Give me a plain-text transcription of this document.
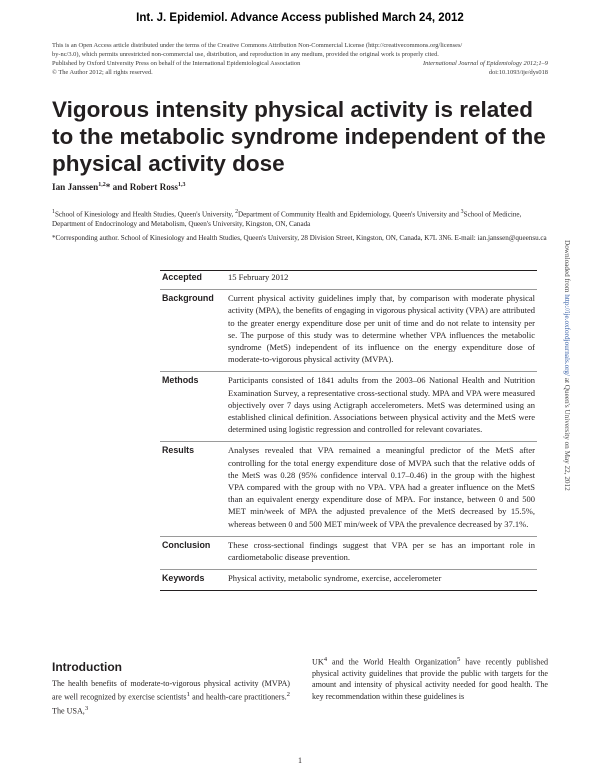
Int. J. Epidemiol. Advance Access published March 24, 2012
This is an Open Access article distributed under the terms of the Creative Commons Attribution Non-Commercial License (http://creativecommons.org/licenses/
by-nc/3.0), which permits unrestricted non-commercial use, distribution, and reproduction in any medium, provided the original work is properly cited.
Published by Oxford University Press on behalf of the International Epidemiological Association	International Journal of Epidemiology 2012;1–9
© The Author 2012; all rights reserved.	doi:10.1093/ije/dys018
Vigorous intensity physical activity is related to the metabolic syndrome independent of the physical activity dose
Ian Janssen$^{1,2}$* and Robert Ross$^{1,3}$
$^1$School of Kinesiology and Health Studies, Queen's University, $^2$Department of Community Health and Epidemiology, Queen's University and $^3$School of Medicine, Department of Endocrinology and Metabolism, Queen's University, Kingston, ON, Canada
*Corresponding author. School of Kinesiology and Health Studies, Queen's University, 28 Division Street, Kingston, ON, Canada, K7L 3N6. E-mail: ian.janssen@queensu.ca
Accepted	15 February 2012
Background	Current physical activity guidelines imply that, by comparison with moderate physical activity (MPA), the benefits of engaging in vigorous physical activity (VPA) are attributed to the greater energy expenditure dose per unit of time and do not relate to intensity per se. The purpose of this study was to determine whether VPA influences the metabolic syndrome (MetS) independent of its influence on the energy expenditure dose of moderate-to-vigorous physical activity (MVPA).
Methods	Participants consisted of 1841 adults from the 2003–06 National Health and Nutrition Examination Survey, a representative cross-sectional study. MPA and VPA were measured objectively over 7 days using Actigraph accelerometers. MetS was determined using an established clinical definition. Associations between physical activity and the MetS were determined using logistic regression and controlled for relevant covariates.
Results	Analyses revealed that VPA remained a meaningful predictor of the MetS after controlling for the total energy expenditure dose of MVPA such that the relative odds of the MetS was 0.28 (95% confidence interval 0.17–0.46) in the group with the highest VPA compared with the group with no VPA. VPA had a greater influence on the MetS than an equivalent energy expenditure dose of MPA. For instance, between 0 and 500 MET min/week of MPA the adjusted prevalence of the MetS decreased by 15.5%, whereas between 0 and 500 MET min/week of VPA the prevalence decreased by 37.1%.
Conclusion	These cross-sectional findings suggest that VPA per se has an important role in cardiometabolic disease prevention.
Keywords	Physical activity, metabolic syndrome, exercise, accelerometer
Introduction
The health benefits of moderate-to-vigorous physical activity (MVPA) are well recognized by exercise scientists$^1$ and health-care practitioners.$^2$ The USA,$^3$
$UK^4$ and the World Health Organization$^5$ have recently published physical activity guidelines that provide the public with targets for the amount and intensity of physical activity needed for good health. The key recommendation within these guidelines is
1
Downloaded from http://ije.oxfordjournals.org/ at Queen's University on May 22, 2012
